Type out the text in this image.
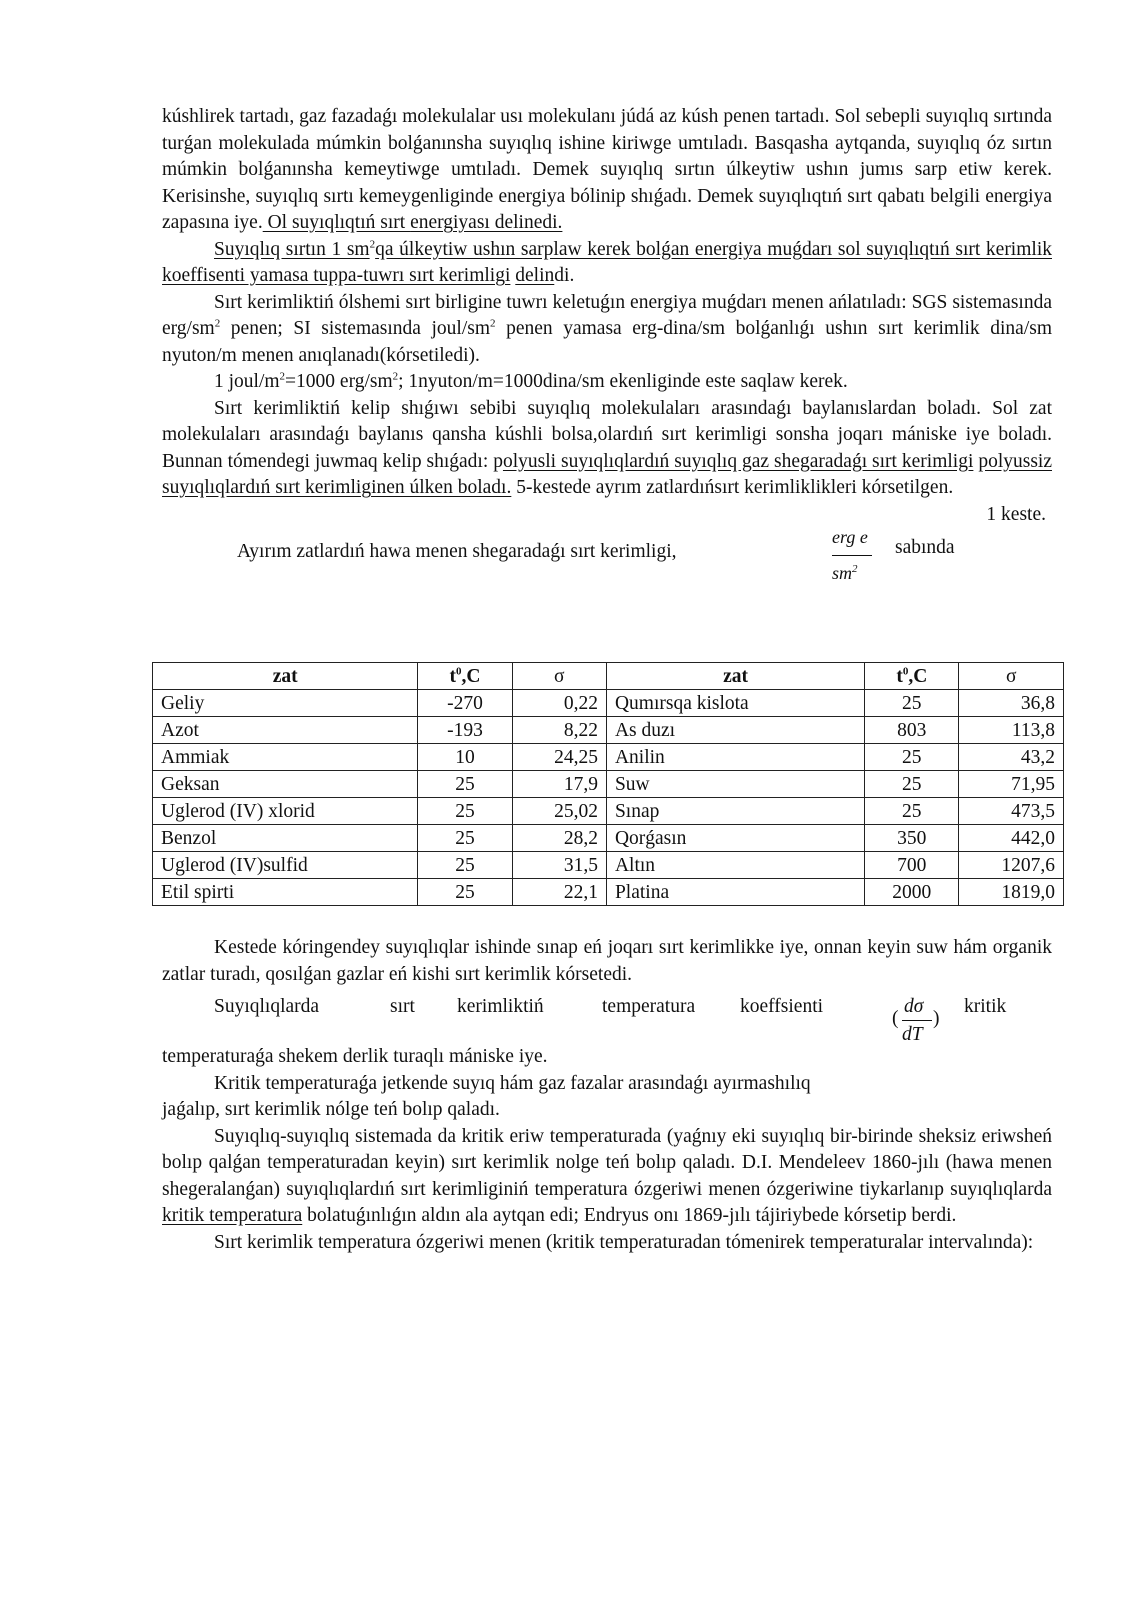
kúshlirek tartadı, gaz fazadaǵı molekulalar usı molekulanı júdá az kúsh penen tartadı. Sol sebepli suyıqlıq sırtında turǵan molekulada múmkin bolǵanınsha suyıqlıq ishine kiriwge umtıladı. Basqasha aytqanda, suyıqlıq óz sırtın múmkin bolǵanınsha kemeytiwge umtıladı. Demek suyıqlıq sırtın úlkeytiw ushın jumıs sarp etiw kerek. Kerisinshe, suyıqlıq sırtı kemeygenliginde energiya bólinip shıǵadı. Demek suyıqlıqtıń sırt qabatı belgili energiya zapasına iye. Ol suyıqlıqtıń sırt energiyası delinedi.

Suyıqlıq sırtın 1 $sm^2qa$ úlkeytiw ushın sarplaw kerek bolǵan energiya muǵdarı sol suyıqlıqtıń sırt kerimlik koeffisenti yamasa tuppa-tuwrı sırt kerimligi delindi.

Sırt kerimliktiń ólshemi sırt birligine tuwrı keletuǵın energiya muǵdarı menen ańlatıladı: SGS sistemasında erg/$sm^2$ penen; SI sistemasında joul/$sm^2$ penen yamasa erg-dina/sm bolǵanlıǵı ushın sırt kerimlik dina/sm nyuton/m menen anıqlanadı(kórsetiledi).

1 joul/$m^2=1000$ erg/$sm^2$; 1nyuton/m=1000dina/sm ekenliginde este saqlaw kerek.

Sırt kerimliktiń kelip shıǵıwı sebibi suyıqlıq molekulaları arasındaǵı baylanıslardan boladı. Sol zat molekulaları arasındaǵı baylanıs qansha kúshli bolsa,olardıń sırt kerimligi sonsha joqarı mániske iye boladı. Bunnan tómendegi juwmaq kelip shıǵadı: polyusli suyıqlıqlardıń suyıqlıq gaz shegaradaǵı sırt kerimligi polyussiz suyıqlıqlardıń sırt kerimliginen úlken boladı. 5-kestede ayrım zatlardıńsırt kerimliklikleri kórsetilgen.

1 keste.
Ayırım zatlardıń hawa menen shegaradaǵı sırt kerimligi,
erg e
$sm^2$
sabında
zat	$t^0,C$	σ	zat	$t^0,C$	σ
Geliy	-270	0,22	Qumırsqa kislota	25	36,8
Azot	-193	8,22	As duzı	803	113,8
Ammiak	10	24,25	Anilin	25	43,2
Geksan	25	17,9	Suw	25	71,95
Uglerod (IV) xlorid	25	25,02	Sınap	25	473,5
Benzol	25	28,2	Qorǵasın	350	442,0
Uglerod (IV)sulfid	25	31,5	Altın	700	1207,6
Etil spirti	25	22,1	Platina	2000	1819,0

Kestede kóringendey suyıqlıqlar ishinde sınap eń joqarı sırt kerimlikke iye, onnan keyin suw hám organik zatlar turadı, qosılǵan gazlar eń kishi sırt kerimlik kórsetedi.

Suyıqlıqlarda	sırt kerimliktiń	temperatura koeffsienti
(
dσ
dT
)
kritik

temperaturaǵa shekem derlik turaqlı mániske iye.

Kritik temperaturaǵa jetkende suyıq hám gaz fazalar arasındaǵı ayırmashılıq

jaǵalıp, sırt kerimlik nólge teń bolıp qaladı.

Suyıqlıq-suyıqlıq sistemada da kritik eriw temperaturada (yaǵnıy eki suyıqlıq bir-birinde sheksiz eriwsheń bolıp qalǵan temperaturadan keyin) sırt kerimlik nolge teń bolıp qaladı. D.I. Mendeleev 1860-jılı (hawa menen shegeralanǵan) suyıqlıqlardıń sırt kerimliginiń temperatura ózgeriwi menen ózgeriwine tiykarlanıp suyıqlıqlarda kritik temperatura bolatuǵınlıǵın aldın ala aytqan edi; Endryus onı 1869-jılı tájiriybede kórsetip berdi.

Sırt kerimlik temperatura ózgeriwi menen (kritik temperaturadan tómenirek temperaturalar intervalında):
